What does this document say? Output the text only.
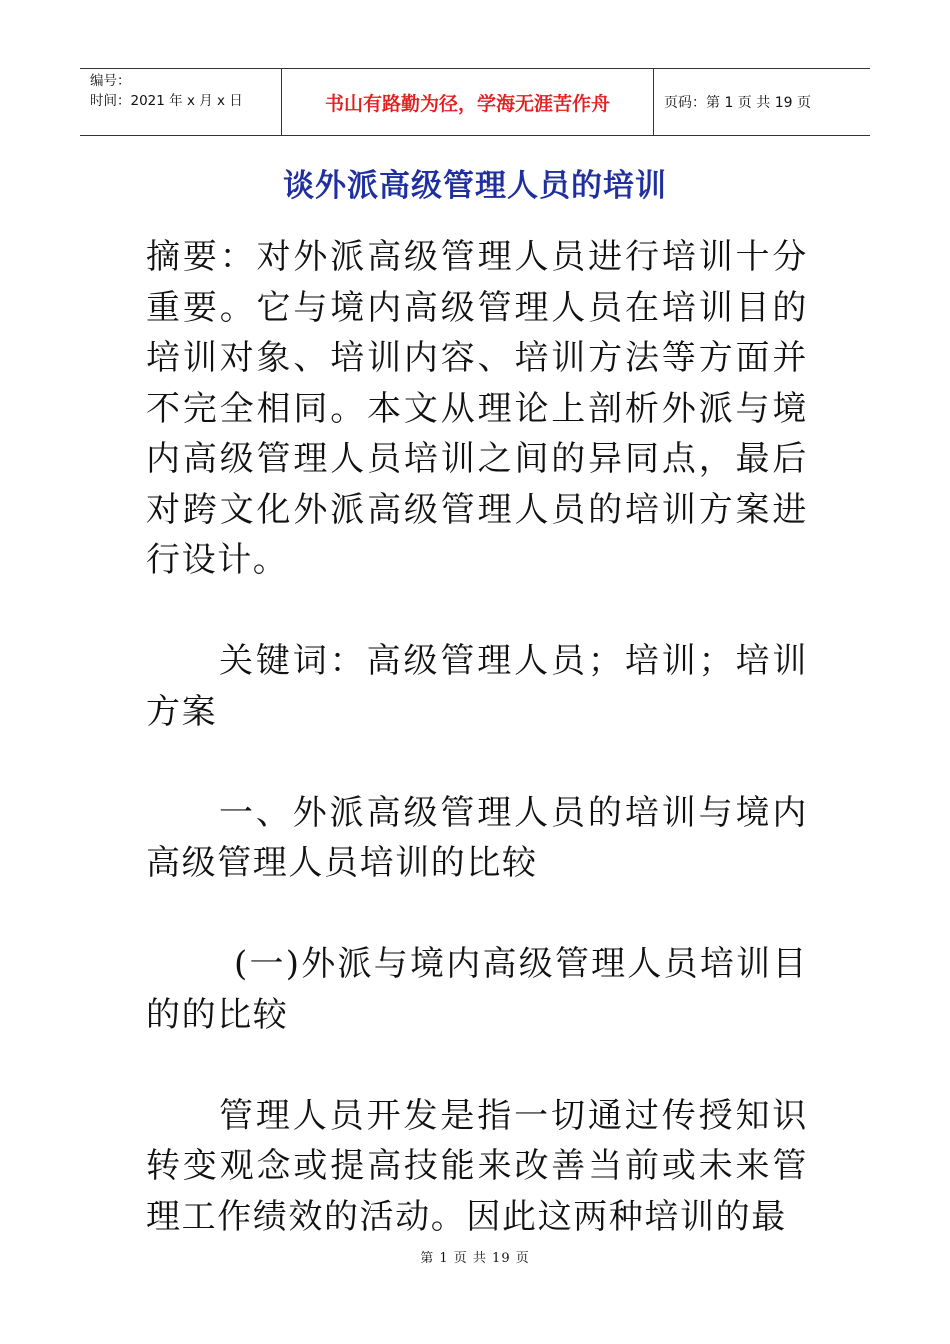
编号：
时间：2021 年 x 月 x 日	书山有路勤为径，学海无涯苦作舟	页码：第 1 页 共 19 页
谈外派高级管理人员的培训

摘要：对外派高级管理人员进行培训十分重要。它与境内高级管理人员在培训目的培训对象、培训内容、培训方法等方面并不完全相同。本文从理论上剖析外派与境内高级管理人员培训之间的异同点，最后对跨文化外派高级管理人员的培训方案进行设计。

关键词：高级管理人员；培训；培训方案

一、外派高级管理人员的培训与境内高级管理人员培训的比较

(一)外派与境内高级管理人员培训目的的比较

管理人员开发是指一切通过传授知识转变观念或提高技能来改善当前或未来管理工作绩效的活动。因此这两种培训的最

第 1 页 共 19 页
